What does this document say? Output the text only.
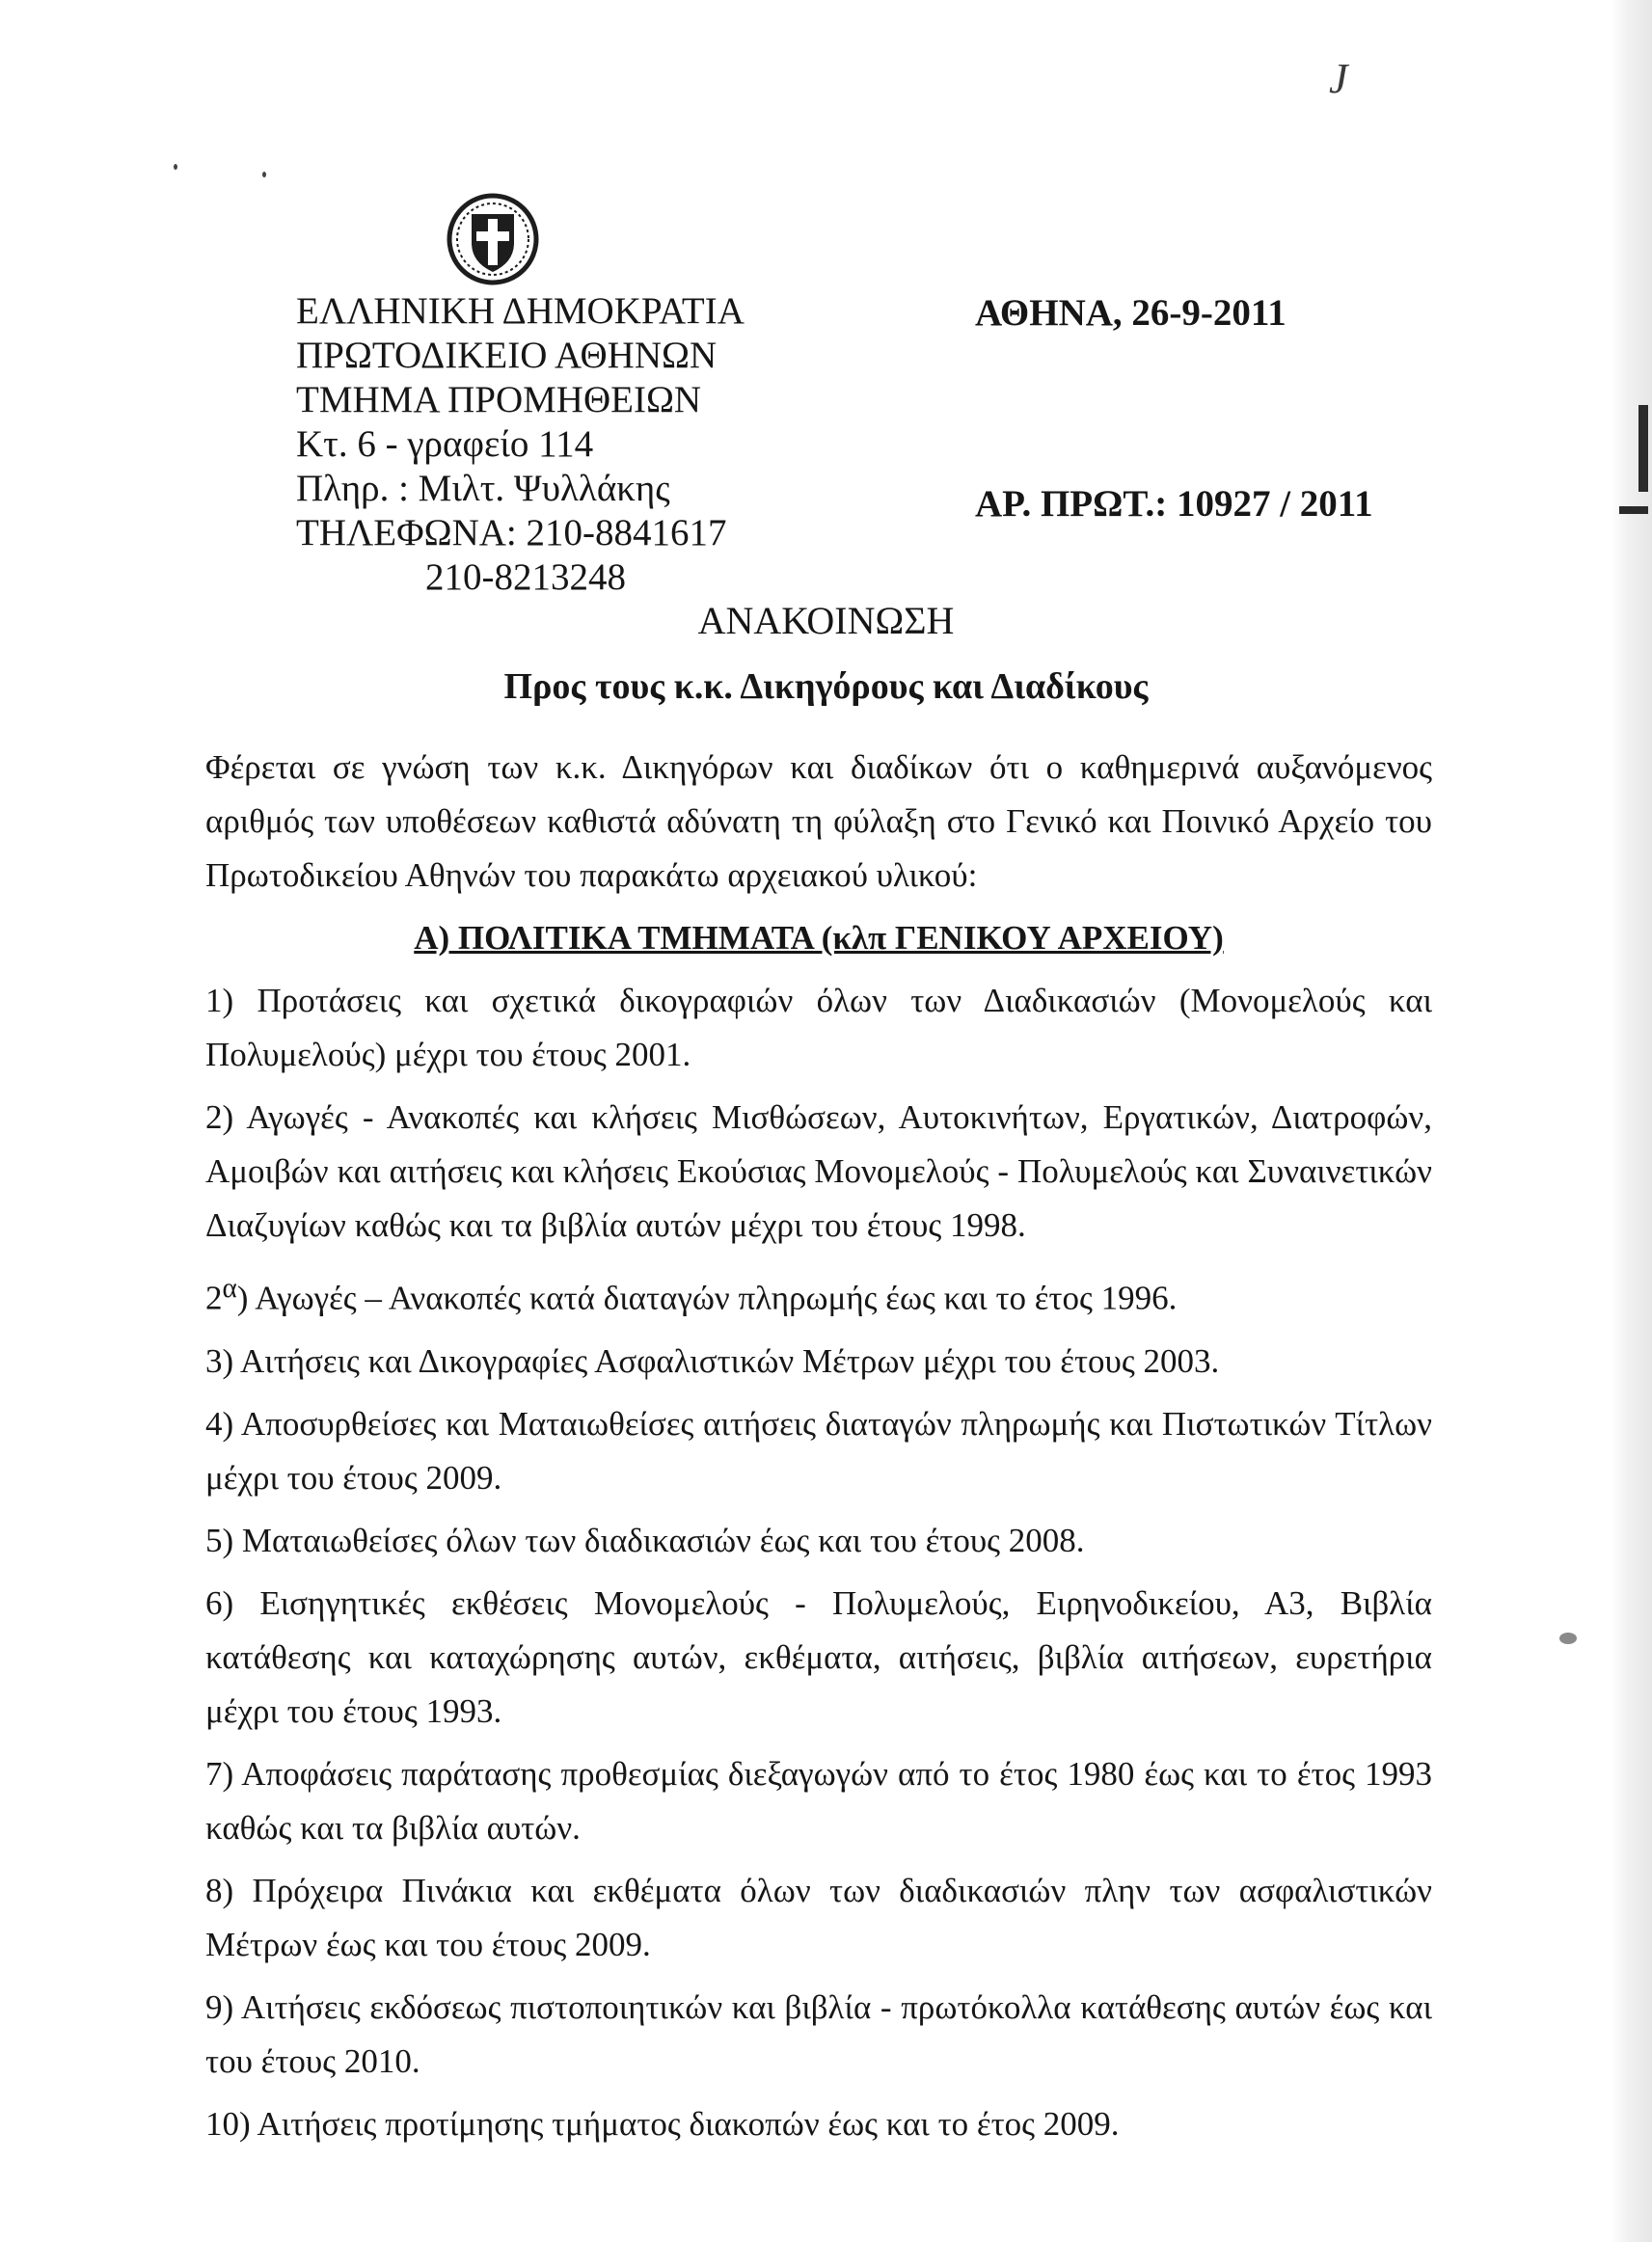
J
ΕΛΛΗΝΙΚΗ ΔΗΜΟΚΡΑΤΙΑ
ΠΡΩΤΟΔΙΚΕΙΟ ΑΘΗΝΩΝ
ΤΜΗΜΑ ΠΡΟΜΗΘΕΙΩΝ
Κτ. 6 - γραφείο 114
Πληρ. : Μιλτ. Ψυλλάκης
ΤΗΛΕΦΩΝΑ: 210-8841617
210-8213248
ΑΘΗΝΑ, 26-9-2011
ΑΡ. ΠΡΩΤ.: 10927 / 2011
ΑΝΑΚΟΙΝΩΣΗ
Προς τους κ.κ. Δικηγόρους και Διαδίκους

Φέρεται σε γνώση των κ.κ. Δικηγόρων και διαδίκων ότι ο καθημερινά αυξανόμενος αριθμός των υποθέσεων καθιστά αδύνατη τη φύλαξη στο Γενικό και Ποινικό Αρχείο του Πρωτοδικείου Αθηνών του παρακάτω αρχειακού υλικού:

Α) ΠΟΛΙΤΙΚΑ ΤΜΗΜΑΤΑ (κλπ ΓΕΝΙΚΟΥ ΑΡΧΕΙΟΥ)

1) Προτάσεις και σχετικά δικογραφιών όλων των Διαδικασιών (Μονομελούς και Πολυμελούς) μέχρι του έτους 2001.

2) Αγωγές - Ανακοπές και κλήσεις Μισθώσεων, Αυτοκινήτων, Εργατικών, Διατροφών, Αμοιβών και αιτήσεις και κλήσεις Εκούσιας Μονομελούς - Πολυμελούς και Συναινετικών Διαζυγίων καθώς και τα βιβλία αυτών μέχρι του έτους 1998.

$2^\alpha$) Αγωγές – Ανακοπές κατά διαταγών πληρωμής έως και το έτος 1996.

3) Αιτήσεις και Δικογραφίες Ασφαλιστικών Μέτρων μέχρι του έτους 2003.

4) Αποσυρθείσες και Ματαιωθείσες αιτήσεις διαταγών πληρωμής και Πιστωτικών Τίτλων μέχρι του έτους 2009.

5) Ματαιωθείσες όλων των διαδικασιών έως και του έτους 2008.

6) Εισηγητικές εκθέσεις Μονομελούς - Πολυμελούς, Ειρηνοδικείου, Α3, Βιβλία κατάθεσης και καταχώρησης αυτών, εκθέματα, αιτήσεις, βιβλία αιτήσεων, ευρετήρια μέχρι του έτους 1993.

7) Αποφάσεις παράτασης προθεσμίας διεξαγωγών από το έτος 1980 έως και το έτος 1993 καθώς και τα βιβλία αυτών.

8) Πρόχειρα Πινάκια και εκθέματα όλων των διαδικασιών πλην των ασφαλιστικών Μέτρων έως και του έτους 2009.

9) Αιτήσεις εκδόσεως πιστοποιητικών και βιβλία - πρωτόκολλα κατάθεσης αυτών έως και του έτους 2010.

10) Αιτήσεις προτίμησης τμήματος διακοπών έως και το έτος 2009.
